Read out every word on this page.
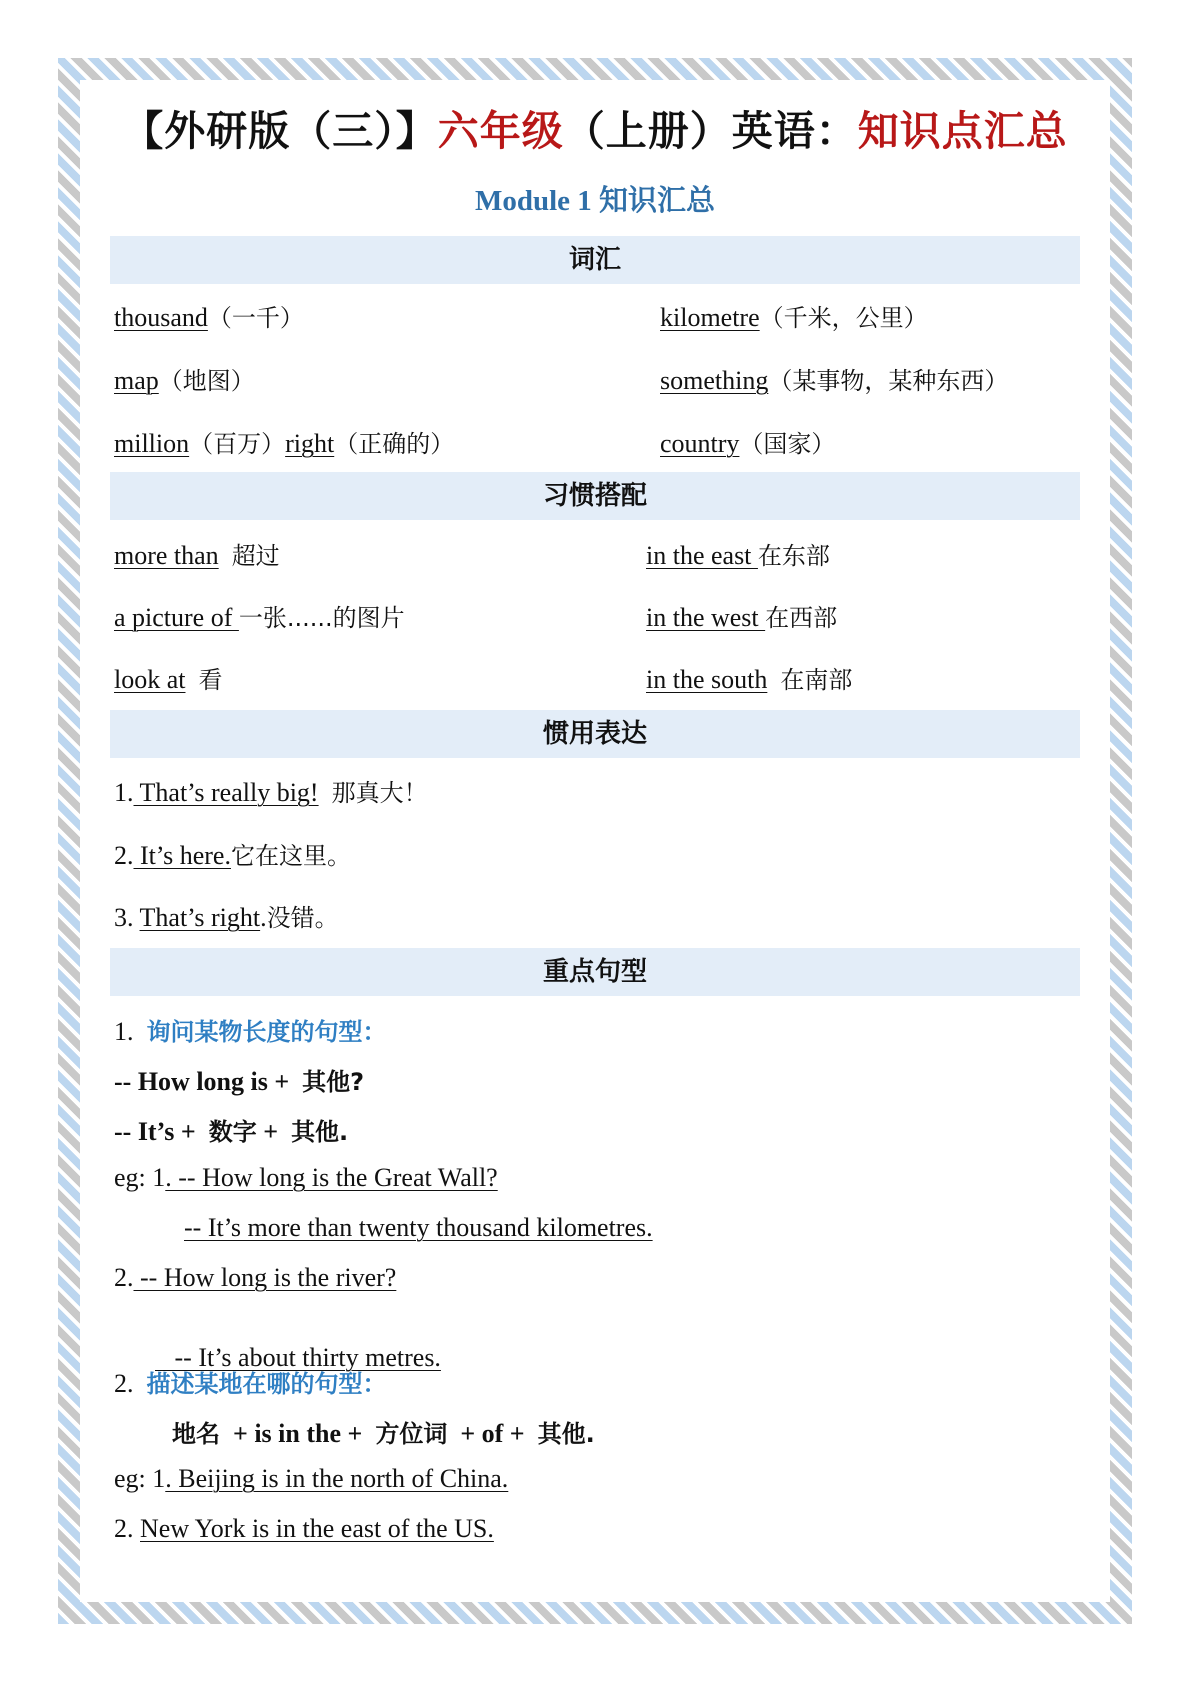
【外研版（三）】六年级（上册）英语：知识点汇总
Module 1 知识汇总
词汇
thousand（一千）	kilometre（千米，公里）
map（地图）	something（某事物，某种东西）
million（百万）right（正确的）	country（国家）
习惯搭配
more than 超过	in the east 在东部
a picture of 一张......的图片	in the west 在西部
look at 看	in the south 在南部
惯用表达
1. That’s really big! 那真大！
2. It’s here.它在这里。
3. That’s right.没错。
重点句型
1. 询问某物长度的句型：
-- How long is +  其他?
-- It’s +  数字 +  其他.
eg: 1. -- How long is the Great Wall?
-- It’s more than twenty thousand kilometres.
2. -- How long is the river?

-- It’s about thirty metres.

2. 描述某地在哪的句型：
地名  + is in the +  方位词  + of +  其他.
eg: 1. Beijing is in the north of China.
2. New York is in the east of the US.
